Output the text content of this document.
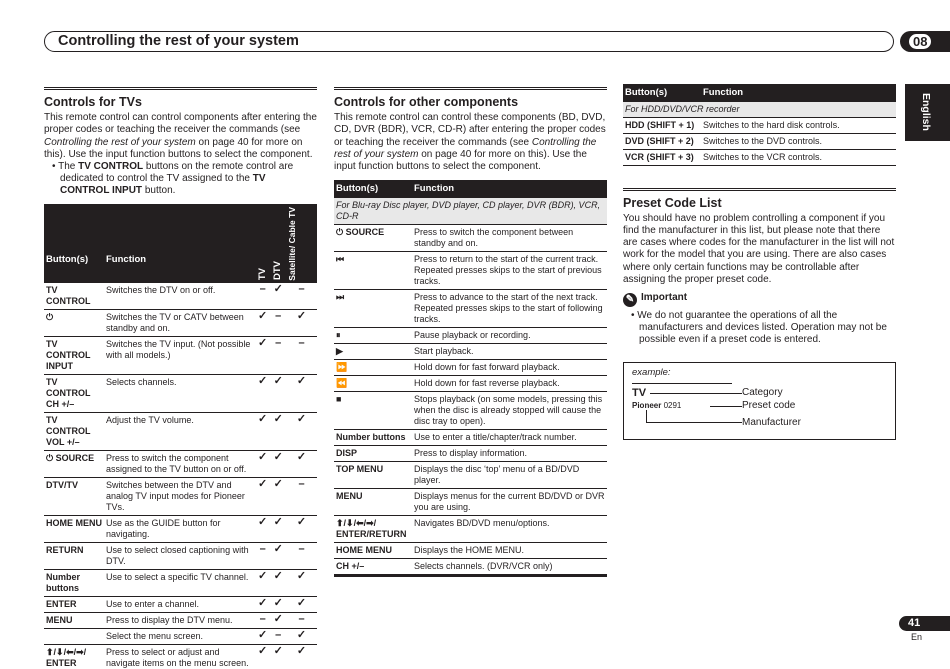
Controlling the rest of your system	08
English
Controls for TVs

This remote control can control components after entering the proper codes or teaching the receiver the commands (see Controlling the rest of your system on page 40 for more on this). Use the input function buttons to select the component.

• The TV CONTROL buttons on the remote control are dedicated to control the TV assigned to the TV CONTROL INPUT button.

Button(s)	Function	TV	DTV	Satellite/ Cable TV

TV CONTROL	Switches the DTV on or off.	–	✓	–
⏻	Switches the TV or CATV between standby and on.	✓	–	✓
TV CONTROL INPUT	Switches the TV input. (Not possible with all models.)	✓	–	–
TV CONTROL CH +/–	Selects channels.	✓	✓	✓
TV CONTROL VOL +/–	Adjust the TV volume.	✓	✓	✓
⏻ SOURCE	Press to switch the component assigned to the TV button on or off.	✓	✓	✓
DTV/TV	Switches between the DTV and analog TV input modes for Pioneer TVs.	✓	✓	–
HOME MENU	Use as the GUIDE button for navigating.	✓	✓	✓
RETURN	Use to select closed captioning with DTV.	–	✓	–
Number buttons	Use to select a specific TV channel.	✓	✓	✓
ENTER	Use to enter a channel.	✓	✓	✓
MENU	Press to display the DTV menu.	–	✓	–
	Select the menu screen.	✓	–	✓
⬆/⬇/⬅/➡/ ENTER	Press to select or adjust and navigate items on the menu screen.	✓	✓	✓

Controls for other components

This remote control can control these components (BD, DVD, CD, DVR (BDR), VCR, CD-R) after entering the proper codes or teaching the receiver the commands (see Controlling the rest of your system on page 40 for more on this). Use the input function buttons to select the component.

Button(s)	Function
For Blu-ray Disc player, DVD player, CD player, DVR (BDR), VCR, CD-R	
⏻ SOURCE	Press to switch the component between standby and on.
⏮	Press to return to the start of the current track. Repeated presses skips to the start of previous tracks.
⏭	Press to advance to the start of the next track. Repeated presses skips to the start of following tracks.
⏸	Pause playback or recording.
▶	Start playback.
⏩	Hold down for fast forward playback.
⏪	Hold down for fast reverse playback.
■	Stops playback (on some models, pressing this when the disc is already stopped will cause the disc tray to open).
Number buttons	Use to enter a title/chapter/track number.
DISP	Press to display information.
TOP MENU	Displays the disc ‘top’ menu of a BD/DVD player.
MENU	Displays menus for the current BD/DVD or DVR you are using.
⬆/⬇/⬅/➡/ ENTER/RETURN	Navigates BD/DVD menu/options.
HOME MENU	Displays the HOME MENU.
CH +/–	Selects channels. (DVR/VCR only)
Button(s)	Function
For HDD/DVD/VCR recorder	
HDD (SHIFT + 1)	Switches to the hard disk controls.
DVD (SHIFT + 2)	Switches to the DVD controls.
VCR (SHIFT + 3)	Switches to the VCR controls.
Preset Code List

You should have no problem controlling a component if you find the manufacturer in this list, but please note that there are cases where codes for the manufacturer in the list will not work for the model that you are using. There are also cases where only certain functions may be controllable after assigning the proper preset code.

✎ Important

• We do not guarantee the operations of all the manufacturers and devices listed. Operation may not be possible even if a preset code is entered.

example:
TV
Pioneer 0291
Category
Preset code
Manufacturer
41
En
